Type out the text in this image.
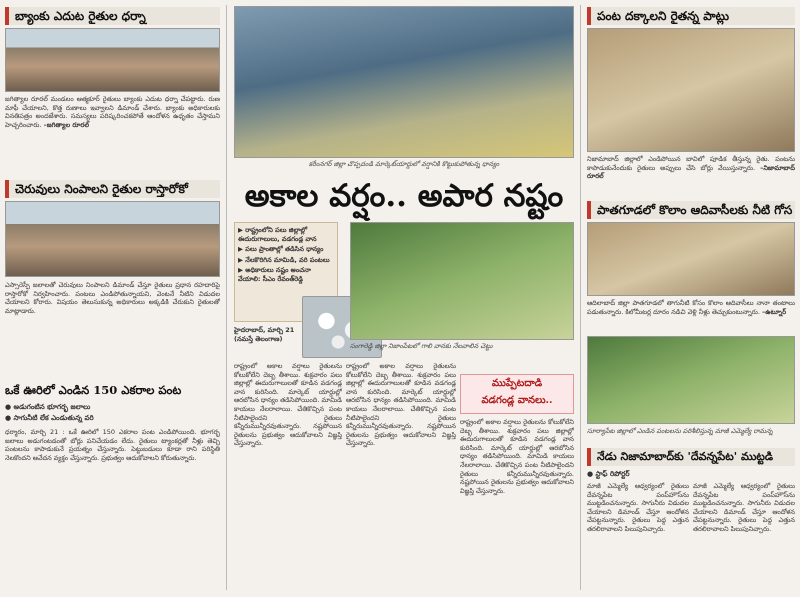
బ్యాంకు ఎదుట రైతుల ధర్నా
జగిత్యాల రూరల్ మండలం ఆత్మకూర్ రైతులు బ్యాంకు ఎదుట ధర్నా చేపట్టారు. రుణ మాఫీ చేయాలని, కొత్త రుణాలు ఇవ్వాలని డిమాండ్ చేశారు. బ్యాంకు అధికారులకు వినతిపత్రం అందజేశారు. సమస్యలు పరిష్కరించకపోతే ఆందోళన ఉధృతం చేస్తామని హెచ్చరించారు. –జగిత్యాల రూరల్
చెరువులు నింపాలని రైతుల రాస్తారోకో
ఎస్సారెస్పీ జలాలతో చెరువులు నింపాలని డిమాండ్ చేస్తూ రైతులు ప్రధాన రహదారిపై రాస్తారోకో నిర్వహించారు. పంటలు ఎండిపోతున్నాయని, వెంటనే నీటిని విడుదల చేయాలని కోరారు. విషయం తెలుసుకున్న అధికారులు అక్కడికి చేరుకుని రైతులతో మాట్లాడారు.
ఒకే ఊరిలో ఎండిన 150 ఎకరాల పంట
● అడుగంటిన భూగర్భ జలాలు
● సాగునీటి లేక ఎండుతున్న వరి
ధర్మారం, మార్చి 21 : ఒకే ఊరిలో 150 ఎకరాల పంట ఎండిపోయింది. భూగర్భ జలాలు అడుగంటడంతో బోర్లు పనిచేయడం లేదు. రైతులు ట్యాంకర్లతో నీళ్లు తెచ్చి పంటలను కాపాడుకునే ప్రయత్నం చేస్తున్నారు. పెట్టుబడులు కూడా రాని పరిస్థితి నెలకొందని ఆవేదన వ్యక్తం చేస్తున్నారు. ప్రభుత్వం ఆదుకోవాలని కోరుతున్నారు.
కరీంనగర్ జిల్లా చొప్పదండి మార్కెట్‌యార్డులో వర్షానికి కొట్టుకుపోతున్న ధాన్యం
అకాల వర్షం.. అపార నష్టం
▶ రాష్ట్రంలోని పలు జిల్లాల్లో ఈదురుగాలులు, వడగండ్ల వాన
▶ పలు ప్రాంతాల్లో తడిసిన ధాన్యం
▶ నేలకొరిగిన మామిడి, వరి పంటలు
▶ అధికారులు నష్టం అంచనా వేయాలి: సీఎం రేవంత్‌రెడ్డి
సంగారెడ్డి జిల్లా నిజాంపేటలో గాలి వానకు నేలవాలిన చెట్టు
హైదరాబాద్, మార్చి 21 (నమస్తే తెలంగాణ)
రాష్ట్రంలో అకాల వర్షాలు రైతులను కోలుకోలేని దెబ్బ తీశాయి. శుక్రవారం పలు జిల్లాల్లో ఈదురుగాలులతో కూడిన వడగండ్ల వాన కురిసింది. మార్కెట్ యార్డుల్లో ఆరబోసిన ధాన్యం తడిసిపోయింది. మామిడి కాయలు నేలరాలాయి. చేతికొచ్చిన పంట నీటిపాలైందని రైతులు కన్నీరుమున్నీరవుతున్నారు. నష్టపోయిన రైతులను ప్రభుత్వం ఆదుకోవాలని విజ్ఞప్తి చేస్తున్నారు.
రాష్ట్రంలో అకాల వర్షాలు రైతులను కోలుకోలేని దెబ్బ తీశాయి. శుక్రవారం పలు జిల్లాల్లో ఈదురుగాలులతో కూడిన వడగండ్ల వాన కురిసింది. మార్కెట్ యార్డుల్లో ఆరబోసిన ధాన్యం తడిసిపోయింది. మామిడి కాయలు నేలరాలాయి. చేతికొచ్చిన పంట నీటిపాలైందని రైతులు కన్నీరుమున్నీరవుతున్నారు. నష్టపోయిన రైతులను ప్రభుత్వం ఆదుకోవాలని విజ్ఞప్తి చేస్తున్నారు.
ముప్పేటదాడి
వడగండ్ల వానలు..
రాష్ట్రంలో అకాల వర్షాలు రైతులను కోలుకోలేని దెబ్బ తీశాయి. శుక్రవారం పలు జిల్లాల్లో ఈదురుగాలులతో కూడిన వడగండ్ల వాన కురిసింది. మార్కెట్ యార్డుల్లో ఆరబోసిన ధాన్యం తడిసిపోయింది. మామిడి కాయలు నేలరాలాయి. చేతికొచ్చిన పంట నీటిపాలైందని రైతులు కన్నీరుమున్నీరవుతున్నారు. నష్టపోయిన రైతులను ప్రభుత్వం ఆదుకోవాలని విజ్ఞప్తి చేస్తున్నారు.
పంట దక్కాలని రైతన్న పాట్లు
నిజామాబాద్ జిల్లాలో ఎండిపోయిన బావిలో పూడిక తీస్తున్న రైతు. పంటను కాపాడుకునేందుకు రైతులు అప్పులు చేసి బోర్లు వేయిస్తున్నారు. –నిజామాబాద్ రూరల్
పాతగూడలో కొలాం ఆదివాసీలకు నీటి గోస
ఆదిలాబాద్ జిల్లా పాతగూడలో తాగునీటి కోసం కొలాం ఆదివాసీలు నానా తంటాలు పడుతున్నారు. కిలోమీటర్ల దూరం నడిచి వెళ్లి నీళ్లు తెచ్చుకుంటున్నారు. –ఉట్నూర్
సూర్యాపేట జిల్లాలో ఎండిన పంటలను పరిశీలిస్తున్న మాజీ ఎమ్మెల్యే రామన్న
నేడు నిజామాబాద్‌కు 'దేవన్నపేట' ముట్టడి
● స్టాఫ్ రిపోర్టర్
మాజీ ఎమ్మెల్యే ఆధ్వర్యంలో రైతులు దేవన్నపేట పంప్‌హౌస్‌ను ముట్టడించనున్నారు. సాగునీరు విడుదల చేయాలని డిమాండ్ చేస్తూ ఆందోళన చేపట్టనున్నారు. రైతులు పెద్ద ఎత్తున తరలిరావాలని పిలుపునిచ్చారు.
మాజీ ఎమ్మెల్యే ఆధ్వర్యంలో రైతులు దేవన్నపేట పంప్‌హౌస్‌ను ముట్టడించనున్నారు. సాగునీరు విడుదల చేయాలని డిమాండ్ చేస్తూ ఆందోళన చేపట్టనున్నారు. రైతులు పెద్ద ఎత్తున తరలిరావాలని పిలుపునిచ్చారు.
